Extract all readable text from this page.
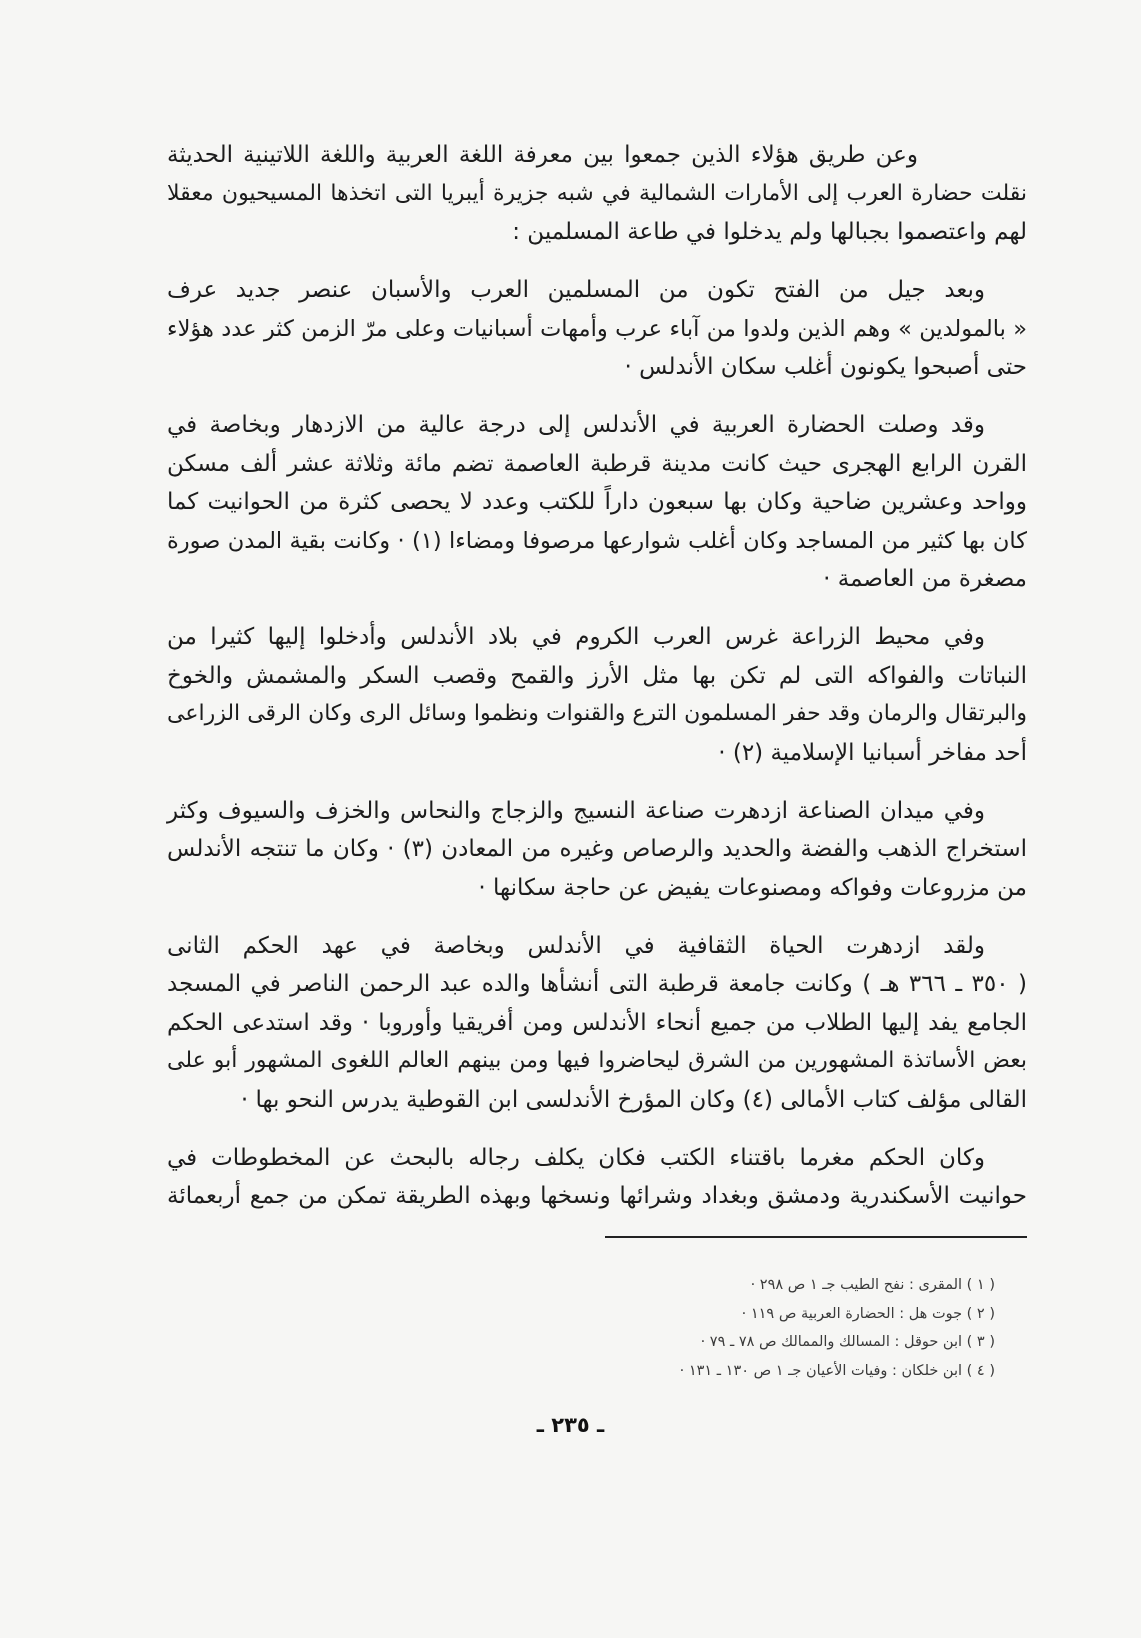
وعن طريق هؤلاء الذين جمعوا بين معرفة اللغة العربية واللغة اللاتينية الحديثة
نقلت حضارة العرب إلى الأمارات الشمالية في شبه جزيرة أيبريا التى اتخذها المسيحيون معقلا
لهم واعتصموا بجبالها ولم يدخلوا في طاعة المسلمين :
وبعد جيل من الفتح تكون من المسلمين العرب والأسبان عنصر جديد عرف
« بالمولدين » وهم الذين ولدوا من آباء عرب وأمهات أسبانيات وعلى مرّ الزمن كثر عدد هؤلاء
حتى أصبحوا يكونون أغلب سكان الأندلس ·
وقد وصلت الحضارة العربية في الأندلس إلى درجة عالية من الازدهار وبخاصة في
القرن الرابع الهجرى حيث كانت مدينة قرطبة العاصمة تضم مائة وثلاثة عشر ألف مسكن
وواحد وعشرين ضاحية وكان بها سبعون داراً للكتب وعدد لا يحصى كثرة من الحوانيت كما
كان بها كثير من المساجد وكان أغلب شوارعها مرصوفا ومضاءا (١) · وكانت بقية المدن صورة
مصغرة من العاصمة ·
وفي محيط الزراعة غرس العرب الكروم في بلاد الأندلس وأدخلوا إليها كثيرا من
النباتات والفواكه التى لم تكن بها مثل الأرز والقمح وقصب السكر والمشمش والخوخ
والبرتقال والرمان وقد حفر المسلمون الترع والقنوات ونظموا وسائل الرى وكان الرقى الزراعى
أحد مفاخر أسبانيا الإسلامية (٢) ·
وفي ميدان الصناعة ازدهرت صناعة النسيج والزجاج والنحاس والخزف والسيوف وكثر
استخراج الذهب والفضة والحديد والرصاص وغيره من المعادن (٣) · وكان ما تنتجه الأندلس
من مزروعات وفواكه ومصنوعات يفيض عن حاجة سكانها ·
ولقد ازدهرت الحياة الثقافية في الأندلس وبخاصة في عهد الحكم الثانى
( ٣٥٠ ـ ٣٦٦ هـ ) وكانت جامعة قرطبة التى أنشأها والده عبد الرحمن الناصر في المسجد
الجامع يفد إليها الطلاب من جميع أنحاء الأندلس ومن أفريقيا وأوروبا · وقد استدعى الحكم
بعض الأساتذة المشهورين من الشرق ليحاضروا فيها ومن بينهم العالم اللغوى المشهور أبو على
القالى مؤلف كتاب الأمالى (٤) وكان المؤرخ الأندلسى ابن القوطية يدرس النحو بها ·
وكان الحكم مغرما باقتناء الكتب فكان يكلف رجاله بالبحث عن المخطوطات في
حوانيت الأسكندرية ودمشق وبغداد وشرائها ونسخها وبهذه الطريقة تمكن من جمع أربعمائة
( ١ ) المقرى : نفح الطيب جـ ١ ص ٢٩٨ ·
( ٢ ) جوت هل : الحضارة العربية ص ١١٩ ·
( ٣ ) ابن حوقل : المسالك والممالك ص ٧٨ ـ ٧٩ ·
( ٤ ) ابن خلكان : وفيات الأعيان جـ ١ ص ١٣٠ ـ ١٣١ ·
ـ ٢٣٥ ـ
